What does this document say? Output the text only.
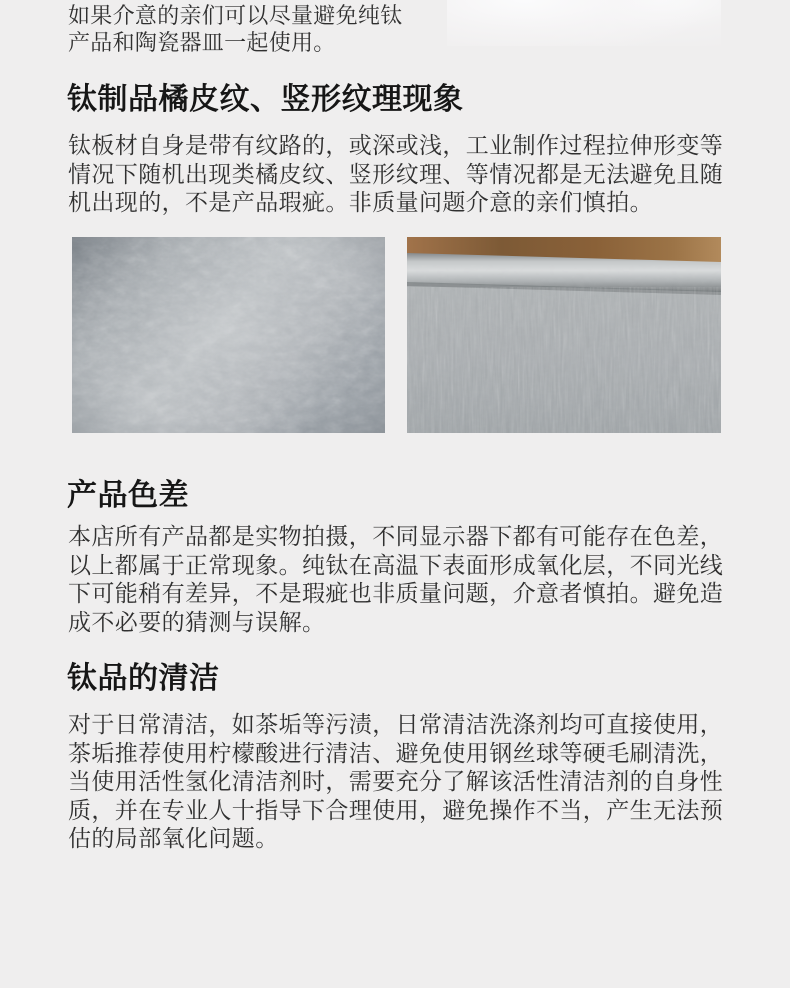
如果介意的亲们可以尽量避免纯钛
产品和陶瓷器皿一起使用。
钛制品橘皮纹、竖形纹理现象
钛板材自身是带有纹路的，或深或浅，工业制作过程拉伸形变等
情况下随机出现类橘皮纹、竖形纹理、等情况都是无法避免且随
机出现的，不是产品瑕疵。非质量问题介意的亲们慎拍。
产品色差
本店所有产品都是实物拍摄，不同显示器下都有可能存在色差，
以上都属于正常现象。纯钛在高温下表面形成氧化层，不同光线
下可能稍有差异，不是瑕疵也非质量问题，介意者慎拍。避免造
成不必要的猜测与误解。
钛品的清洁
对于日常清洁，如茶垢等污渍，日常清洁洗涤剂均可直接使用，
茶垢推荐使用柠檬酸进行清洁、避免使用钢丝球等硬毛刷清洗，
当使用活性氢化清洁剂时，需要充分了解该活性清洁剂的自身性
质，并在专业人十指导下合理使用，避免操作不当，产生无法预
估的局部氧化问题。
